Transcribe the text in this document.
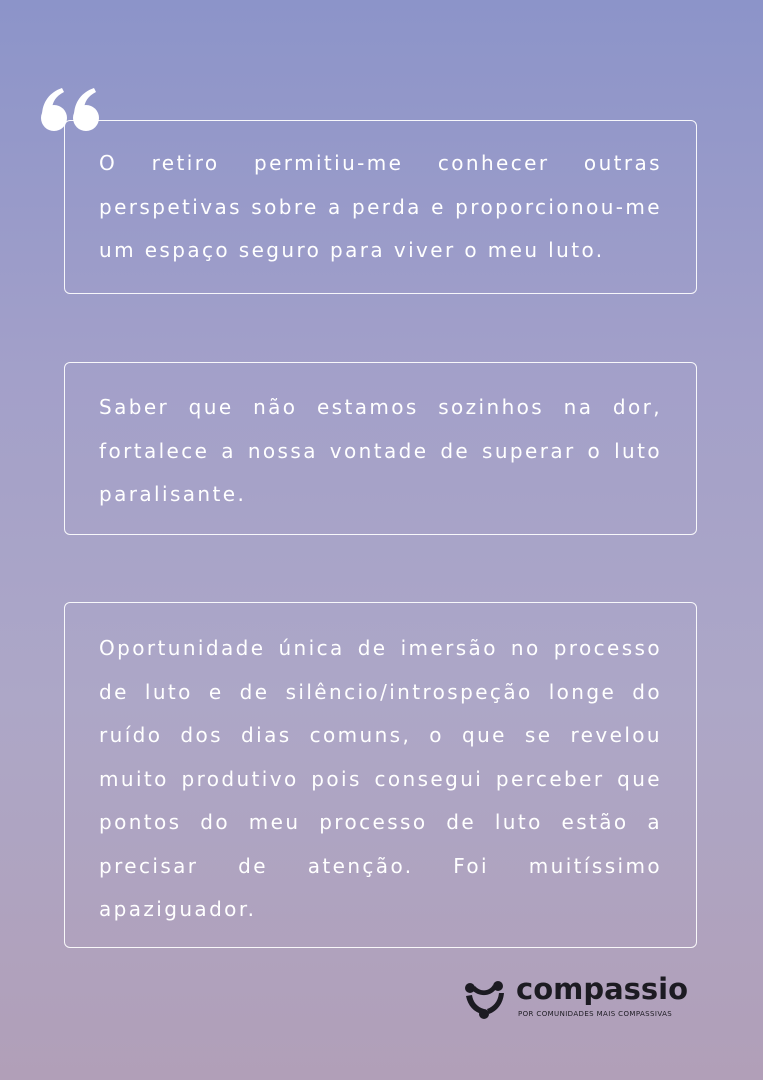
O retiro permitiu-me conhecer outras perspetivas sobre a perda e proporcionou-me um espaço seguro para viver o meu luto.

Saber que não estamos sozinhos na dor, fortalece a nossa vontade de superar o luto paralisante.

Oportunidade única de imersão no processo de luto e de silêncio/introspeção longe do ruído dos dias comuns, o que se revelou muito produtivo pois consegui perceber que pontos do meu processo de luto estão a precisar de atenção. Foi muitíssimo apaziguador.

compassio
POR COMUNIDADES MAIS COMPASSIVAS
